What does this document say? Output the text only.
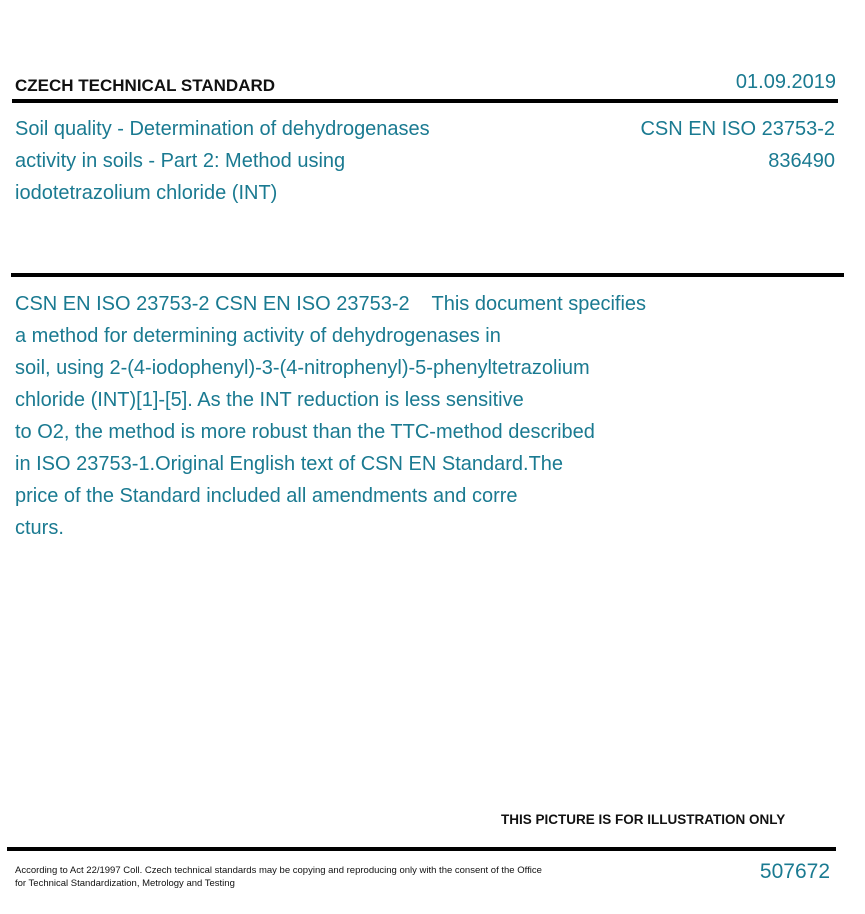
CZECH TECHNICAL STANDARD	01.09.2019
Soil quality - Determination of dehydrogenases
activity in soils - Part 2: Method using
iodotetrazolium chloride (INT)
CSN EN ISO 23753-2
836490
CSN EN ISO 23753-2 CSN EN ISO 23753-2    This document specifies
a method for determining activity of dehydrogenases in
soil, using 2-(4-iodophenyl)-3-(4-nitrophenyl)-5-phenyltetrazolium
chloride (INT)[1]-[5]. As the INT reduction is less sensitive
to O2, the method is more robust than the TTC-method described
in ISO 23753-1.Original English text of CSN EN Standard.The
price of the Standard included all amendments and corre
cturs.
THIS PICTURE IS FOR ILLUSTRATION ONLY
According to Act 22/1997 Coll. Czech technical standards may be copying and reproducing only with the consent of the Office
for Technical Standardization, Metrology and Testing
507672
